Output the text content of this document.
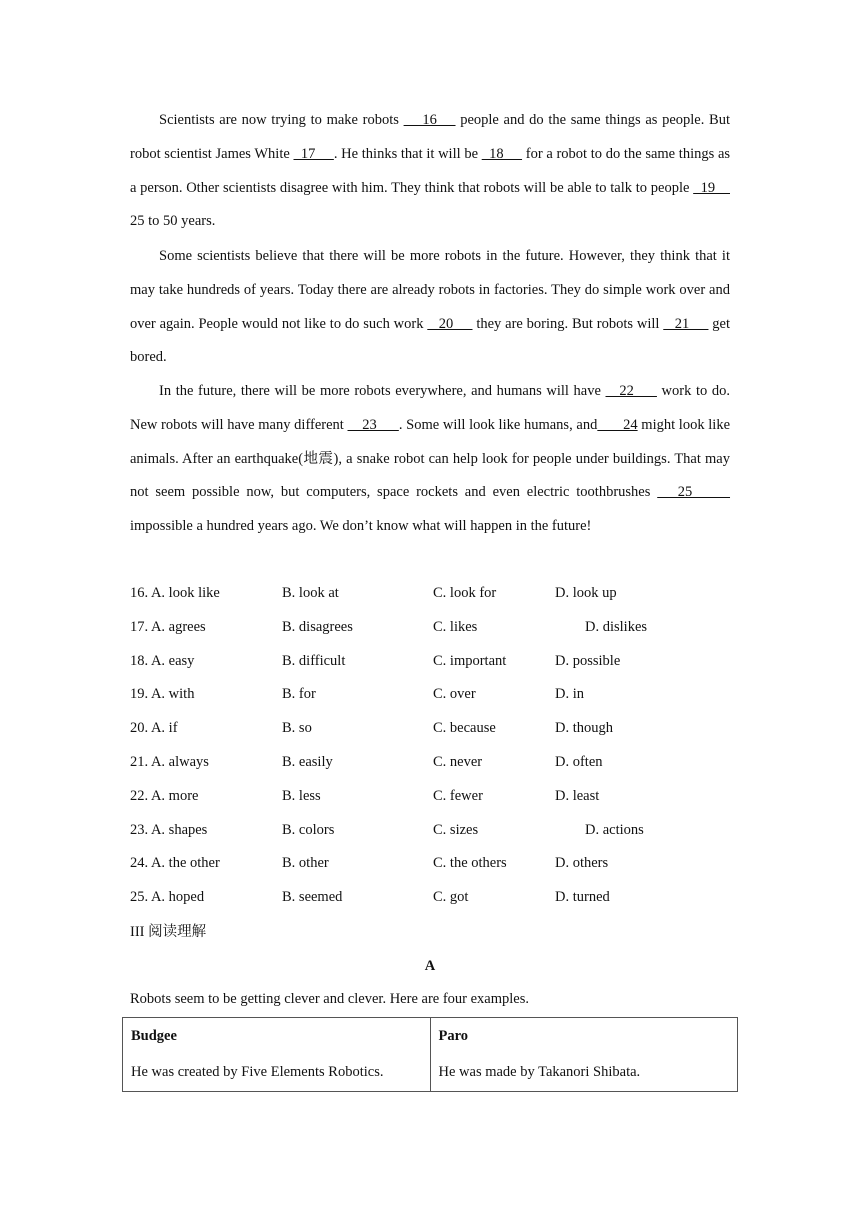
Scientists are now trying to make robots     16     people and do the same things as people. But robot scientist James White   17     . He thinks that it will be   18      for a robot to do the same things as a person. Other scientists disagree with him. They think that robots will be able to talk to people   19     25 to 50 years.
Some scientists believe that there will be more robots in the future. However, they think that it may take hundreds of years. Today there are already robots in factories. They do simple work over and over again. People would not like to do such work    20      they are boring. But robots will    21      get bored.
In the future, there will be more robots everywhere, and humans will have    22      work to do. New robots will have many different     23      . Some will look like humans, and       24 might look like animals. After an earthquake(地震), a snake robot can help look for people under buildings. That may not seem possible now, but computers, space rockets and even electric toothbrushes    25       impossible a hundred years ago. We don’t know what will happen in the future!
16. A. look like	B. look at	C. look for	D. look up
17. A. agrees	B. disagrees	C. likes	D. dislikes
18. A. easy	B. difficult	C. important	D. possible
19. A. with	B. for	C. over	D. in
20. A. if	B. so	C. because	D. though
21. A. always	B. easily	C. never	D. often
22. A. more	B. less	C. fewer	D. least
23. A. shapes	B. colors	C. sizes	D. actions
24. A. the other	B. other	C. the others	D. others
25. A. hoped	B. seemed	C. got	D. turned
III 阅读理解
A
Robots seem to be getting clever and clever. Here are four examples.
Budgee
He was created by Five Elements Robotics.

Paro
He was made by Takanori Shibata.
